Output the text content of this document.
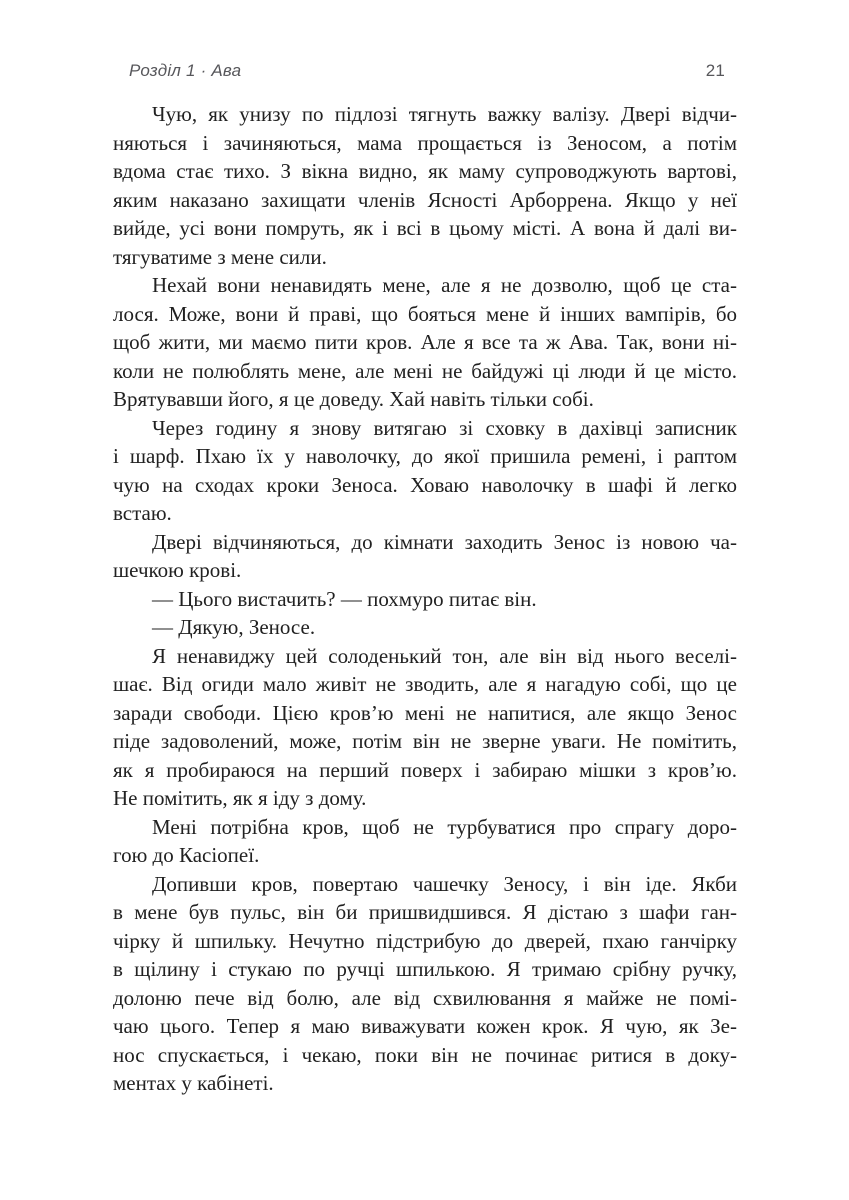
Розділ 1 · Ава	21
Чую, як унизу по підлозі тягнуть важку валізу. Двері відчи-
няються і зачиняються, мама прощається із Зеносом, а потім
вдома стає тихо. З вікна видно, як маму супроводжують вартові,
яким наказано захищати членів Ясності Арборрена. Якщо у неї
вийде, усі вони помруть, як і всі в цьому місті. А вона й далі ви-
тягуватиме з мене сили.
Нехай вони ненавидять мене, але я не дозволю, щоб це ста-
лося. Може, вони й праві, що бояться мене й інших вампірів, бо
щоб жити, ми маємо пити кров. Але я все та ж Ава. Так, вони ні-
коли не полюблять мене, але мені не байдужі ці люди й це місто.
Врятувавши його, я це доведу. Хай навіть тільки собі.
Через годину я знову витягаю зі сховку в дахівці записник
і шарф. Пхаю їх у наволочку, до якої пришила ремені, і раптом
чую на сходах кроки Зеноса. Ховаю наволочку в шафі й легко
встаю.
Двері відчиняються, до кімнати заходить Зенос із новою ча-
шечкою крові.
— Цього вистачить? — похмуро питає він.
— Дякую, Зеносе.
Я ненавиджу цей солоденький тон, але він від нього веселі-
шає. Від огиди мало живіт не зводить, але я нагадую собі, що це
заради свободи. Цією кров’ю мені не напитися, але якщо Зенос
піде задоволений, може, потім він не зверне уваги. Не помітить,
як я пробираюся на перший поверх і забираю мішки з кров’ю.
Не помітить, як я іду з дому.
Мені потрібна кров, щоб не турбуватися про спрагу доро-
гою до Касіопеї.
Допивши кров, повертаю чашечку Зеносу, і він іде. Якби
в мене був пульс, він би пришвидшився. Я дістаю з шафи ган-
чірку й шпильку. Нечутно підстрибую до дверей, пхаю ганчірку
в щілину і стукаю по ручці шпилькою. Я тримаю срібну ручку,
долоню пече від болю, але від схвилювання я майже не помі-
чаю цього. Тепер я маю виважувати кожен крок. Я чую, як Зе-
нос спускається, і чекаю, поки він не починає ритися в доку-
ментах у кабінеті.
